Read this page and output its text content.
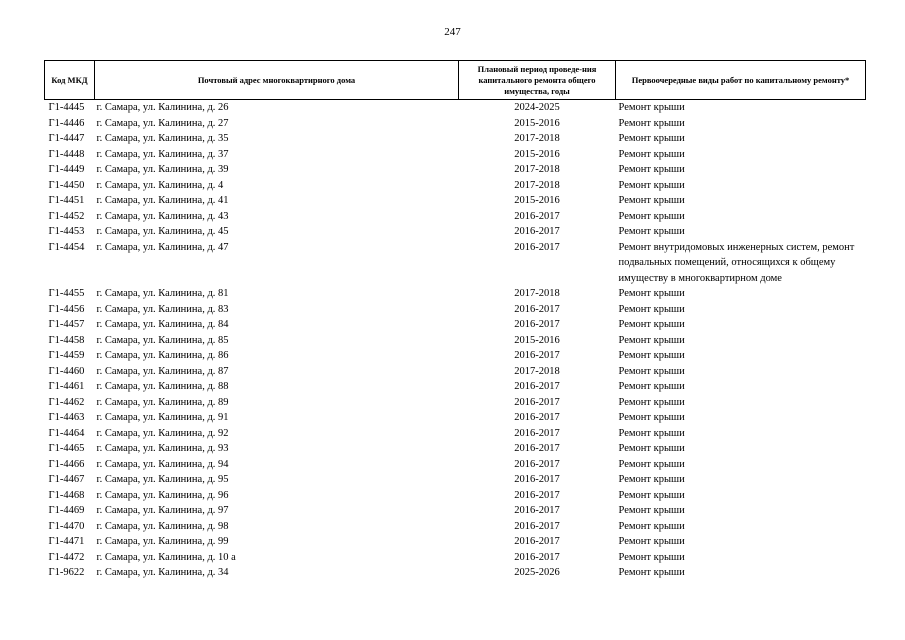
247
Код МКД	Почтовый адрес многоквартирного дома	Плановый период проведе-ния капитального ремонта общего имущества, годы	Первоочередные виды работ по капитальному ремонту*
Г1-4445	г. Самара, ул. Калинина, д. 26	2024-2025	Ремонт крыши

Г1-4446	г. Самара, ул. Калинина, д. 27	2015-2016	Ремонт крыши

Г1-4447	г. Самара, ул. Калинина, д. 35	2017-2018	Ремонт крыши

Г1-4448	г. Самара, ул. Калинина, д. 37	2015-2016	Ремонт крыши

Г1-4449	г. Самара, ул. Калинина, д. 39	2017-2018	Ремонт крыши

Г1-4450	г. Самара, ул. Калинина, д. 4	2017-2018	Ремонт крыши

Г1-4451	г. Самара, ул. Калинина, д. 41	2015-2016	Ремонт крыши

Г1-4452	г. Самара, ул. Калинина, д. 43	2016-2017	Ремонт крыши

Г1-4453	г. Самара, ул. Калинина, д. 45	2016-2017	Ремонт крыши

Г1-4454	г. Самара, ул. Калинина, д. 47	2016-2017	Ремонт внутридомовых инженерных систем, ремонт подвальных помещений, относящихся к общему имуществу в многоквартирном доме

Г1-4455	г. Самара, ул. Калинина, д. 81	2017-2018	Ремонт крыши

Г1-4456	г. Самара, ул. Калинина, д. 83	2016-2017	Ремонт крыши

Г1-4457	г. Самара, ул. Калинина, д. 84	2016-2017	Ремонт крыши

Г1-4458	г. Самара, ул. Калинина, д. 85	2015-2016	Ремонт крыши

Г1-4459	г. Самара, ул. Калинина, д. 86	2016-2017	Ремонт крыши

Г1-4460	г. Самара, ул. Калинина, д. 87	2017-2018	Ремонт крыши

Г1-4461	г. Самара, ул. Калинина, д. 88	2016-2017	Ремонт крыши

Г1-4462	г. Самара, ул. Калинина, д. 89	2016-2017	Ремонт крыши

Г1-4463	г. Самара, ул. Калинина, д. 91	2016-2017	Ремонт крыши

Г1-4464	г. Самара, ул. Калинина, д. 92	2016-2017	Ремонт крыши

Г1-4465	г. Самара, ул. Калинина, д. 93	2016-2017	Ремонт крыши

Г1-4466	г. Самара, ул. Калинина, д. 94	2016-2017	Ремонт крыши

Г1-4467	г. Самара, ул. Калинина, д. 95	2016-2017	Ремонт крыши

Г1-4468	г. Самара, ул. Калинина, д. 96	2016-2017	Ремонт крыши

Г1-4469	г. Самара, ул. Калинина, д. 97	2016-2017	Ремонт крыши

Г1-4470	г. Самара, ул. Калинина, д. 98	2016-2017	Ремонт крыши

Г1-4471	г. Самара, ул. Калинина, д. 99	2016-2017	Ремонт крыши

Г1-4472	г. Самара, ул. Калинина, д. 10 а	2016-2017	Ремонт крыши

Г1-9622	г. Самара, ул. Калинина, д. 34	2025-2026	Ремонт крыши
